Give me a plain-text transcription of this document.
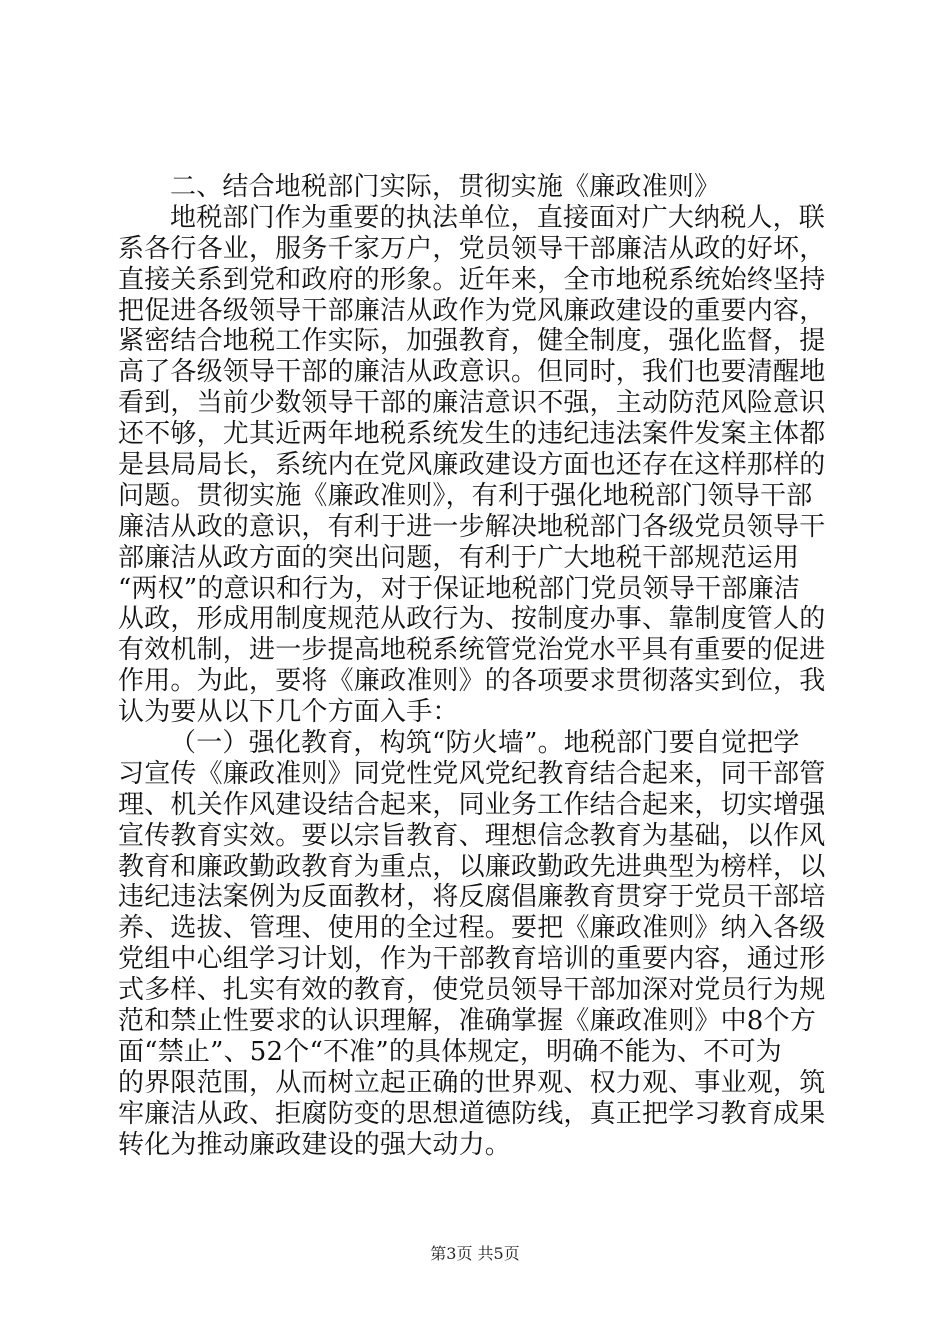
二、结合地税部门实际，贯彻实施《廉政准则》
地税部门作为重要的执法单位，直接面对广大纳税人，联
系各行各业，服务千家万户，党员领导干部廉洁从政的好坏，
直接关系到党和政府的形象。近年来，全市地税系统始终坚持
把促进各级领导干部廉洁从政作为党风廉政建设的重要内容，
紧密结合地税工作实际，加强教育，健全制度，强化监督，提
高了各级领导干部的廉洁从政意识。但同时，我们也要清醒地
看到，当前少数领导干部的廉洁意识不强，主动防范风险意识
还不够，尤其近两年地税系统发生的违纪违法案件发案主体都
是县局局长，系统内在党风廉政建设方面也还存在这样那样的
问题。贯彻实施《廉政准则》，有利于强化地税部门领导干部
廉洁从政的意识，有利于进一步解决地税部门各级党员领导干
部廉洁从政方面的突出问题，有利于广大地税干部规范运用
“两权”的意识和行为，对于保证地税部门党员领导干部廉洁
从政，形成用制度规范从政行为、按制度办事、靠制度管人的
有效机制，进一步提高地税系统管党治党水平具有重要的促进
作用。为此，要将《廉政准则》的各项要求贯彻落实到位，我
认为要从以下几个方面入手：
（一）强化教育，构筑“防火墙”。地税部门要自觉把学
习宣传《廉政准则》同党性党风党纪教育结合起来，同干部管
理、机关作风建设结合起来，同业务工作结合起来，切实增强
宣传教育实效。要以宗旨教育、理想信念教育为基础，以作风
教育和廉政勤政教育为重点，以廉政勤政先进典型为榜样，以
违纪违法案例为反面教材，将反腐倡廉教育贯穿于党员干部培
养、选拔、管理、使用的全过程。要把《廉政准则》纳入各级
党组中心组学习计划，作为干部教育培训的重要内容，通过形
式多样、扎实有效的教育，使党员领导干部加深对党员行为规
范和禁止性要求的认识理解，准确掌握《廉政准则》中8个方
面“禁止”、52个“不准”的具体规定，明确不能为、不可为
的界限范围，从而树立起正确的世界观、权力观、事业观，筑
牢廉洁从政、拒腐防变的思想道德防线，真正把学习教育成果
转化为推动廉政建设的强大动力。
第3页 共5页
